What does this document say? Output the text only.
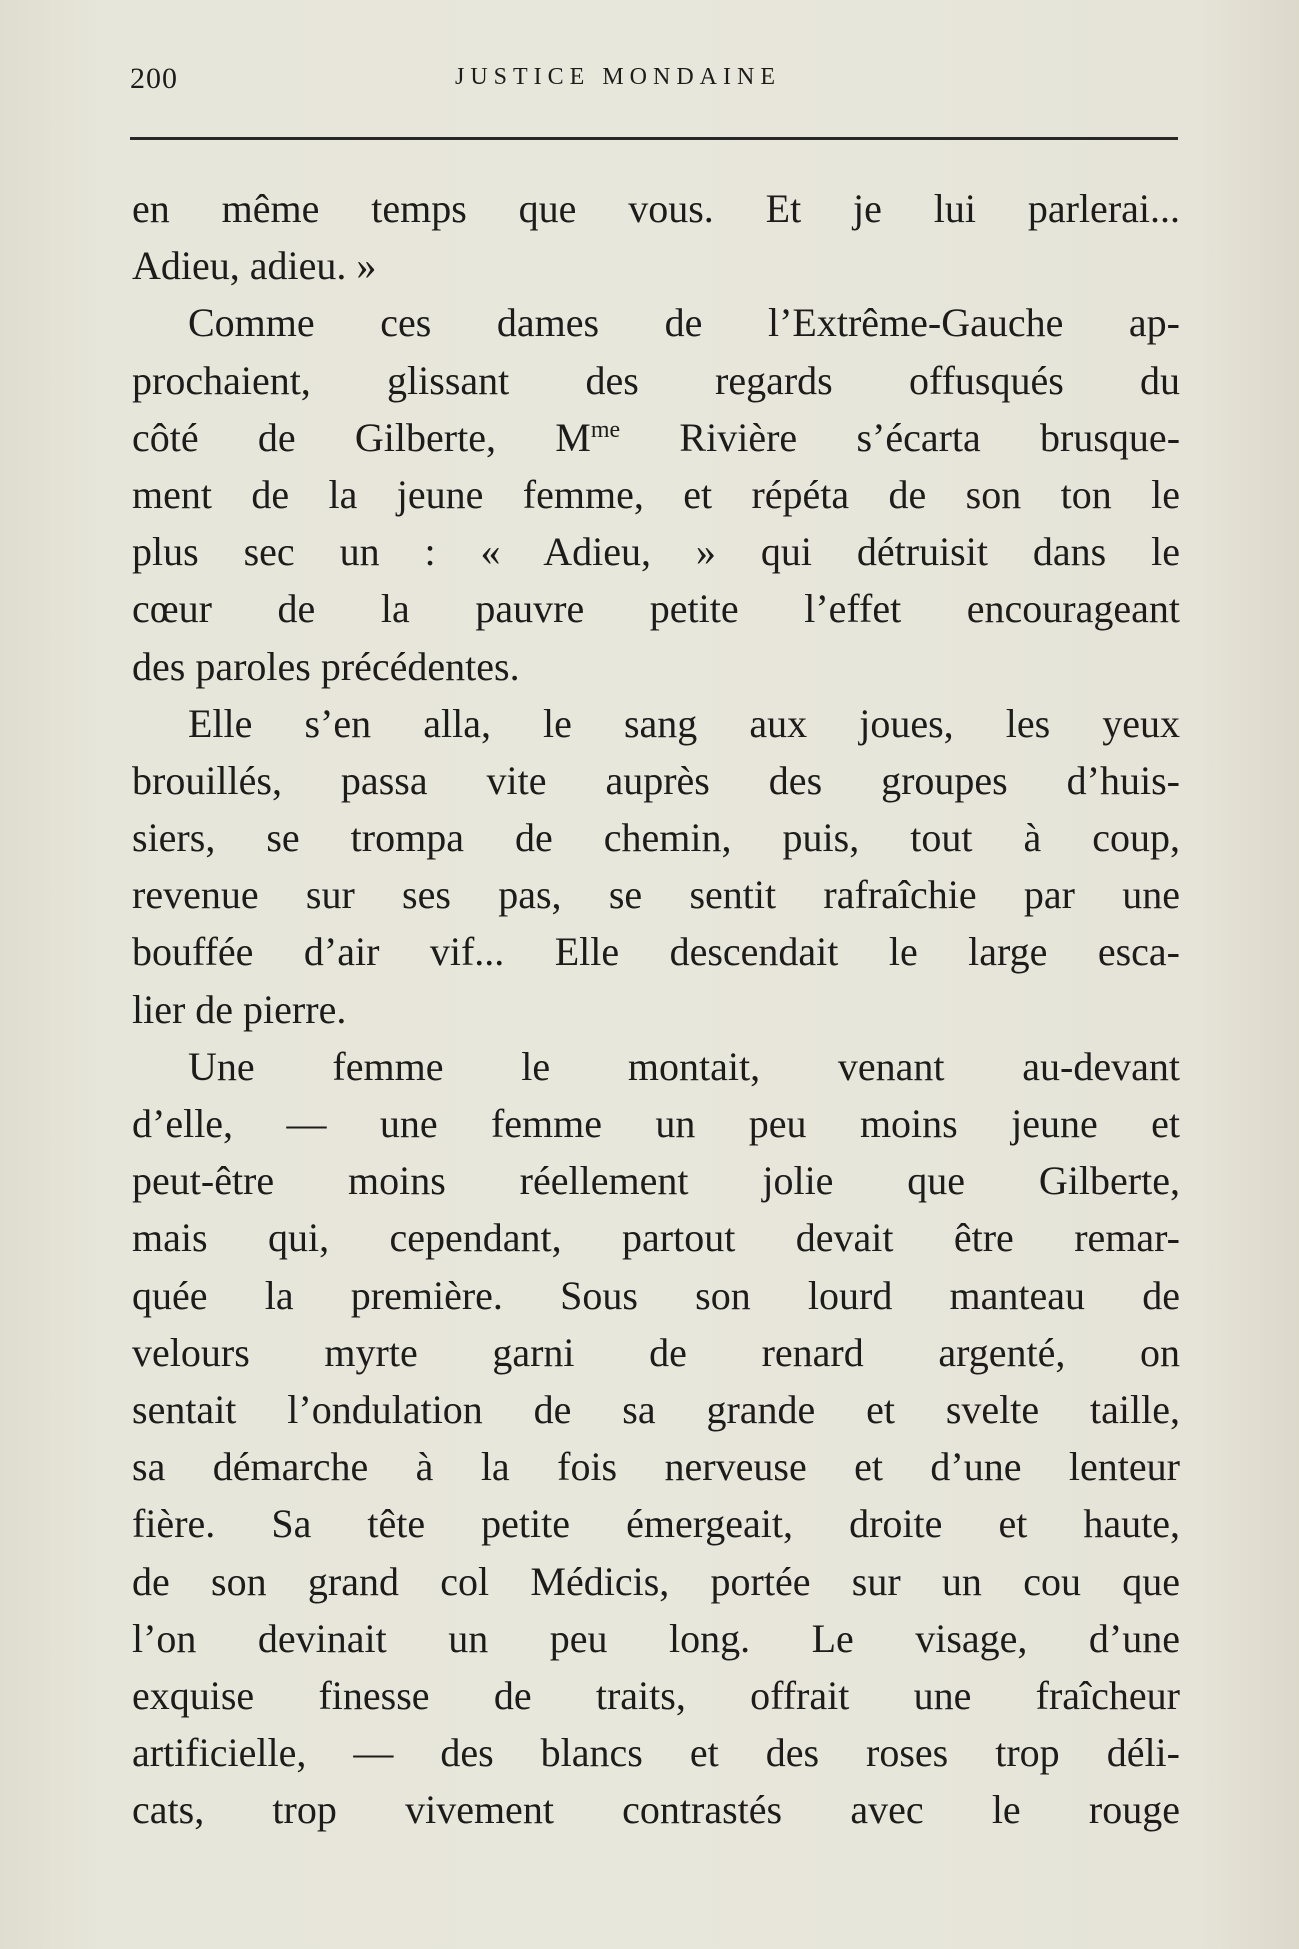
200	JUSTICE MONDAINE
en même temps que vous. Et je lui parlerai...
Adieu, adieu. »
Comme ces dames de l’Extrême-Gauche ap-
prochaient, glissant des regards offusqués du
côté de Gilberte, $M^{me}$ Rivière s’écarta brusque-
ment de la jeune femme, et répéta de son ton le
plus sec un : « Adieu, » qui détruisit dans le
cœur de la pauvre petite l’effet encourageant
des paroles précédentes.
Elle s’en alla, le sang aux joues, les yeux
brouillés, passa vite auprès des groupes d’huis-
siers, se trompa de chemin, puis, tout à coup,
revenue sur ses pas, se sentit rafraîchie par une
bouffée d’air vif... Elle descendait le large esca-
lier de pierre.
Une femme le montait, venant au-devant
d’elle, — une femme un peu moins jeune et
peut-être moins réellement jolie que Gilberte,
mais qui, cependant, partout devait être remar-
quée la première. Sous son lourd manteau de
velours myrte garni de renard argenté, on
sentait l’ondulation de sa grande et svelte taille,
sa démarche à la fois nerveuse et d’une lenteur
fière. Sa tête petite émergeait, droite et haute,
de son grand col Médicis, portée sur un cou que
l’on devinait un peu long. Le visage, d’une
exquise finesse de traits, offrait une fraîcheur
artificielle, — des blancs et des roses trop déli-
cats, trop vivement contrastés avec le rouge
